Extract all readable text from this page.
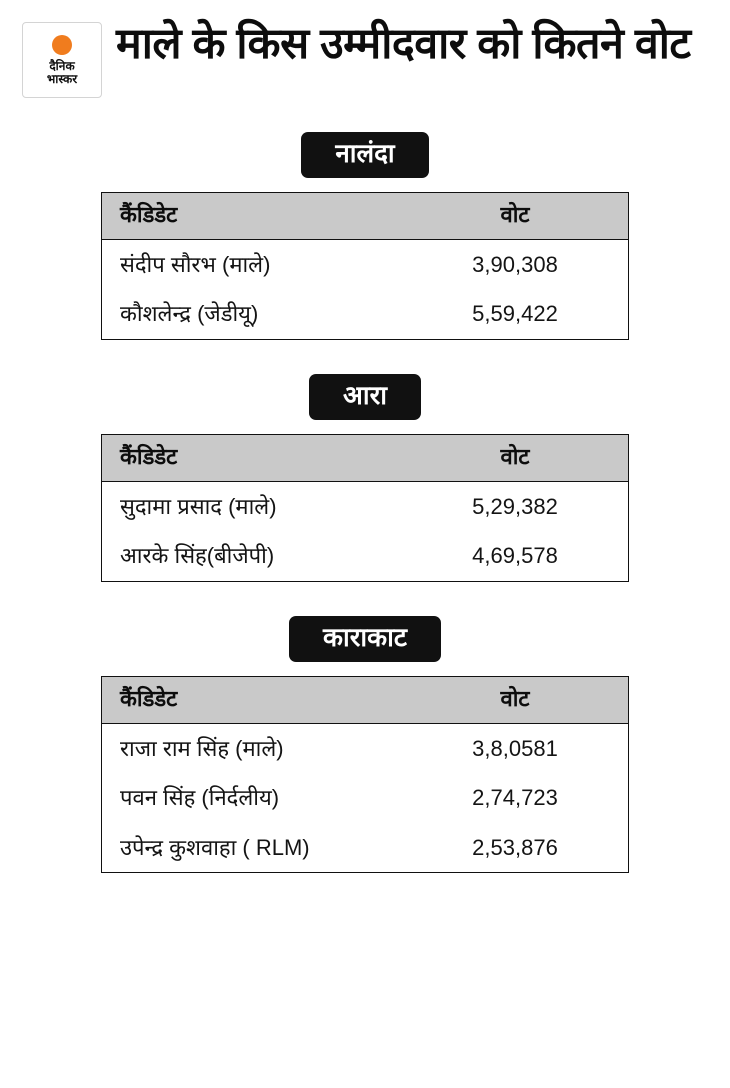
दैनिक
भास्कर
माले के किस उम्मीदवार को कितने वोट
नालंदा
कैंडिडेट	वोट
संदीप सौरभ (माले)	3,90,308
कौशलेन्द्र (जेडीयू)	5,59,422
आरा
कैंडिडेट	वोट
सुदामा प्रसाद (माले)	5,29,382
आरके सिंह(बीजेपी)	4,69,578
काराकाट
कैंडिडेट	वोट
राजा राम सिंह (माले)	3,8,0581
पवन सिंह (निर्दलीय)	2,74,723
उपेन्द्र कुशवाहा ( RLM)	2,53,876
